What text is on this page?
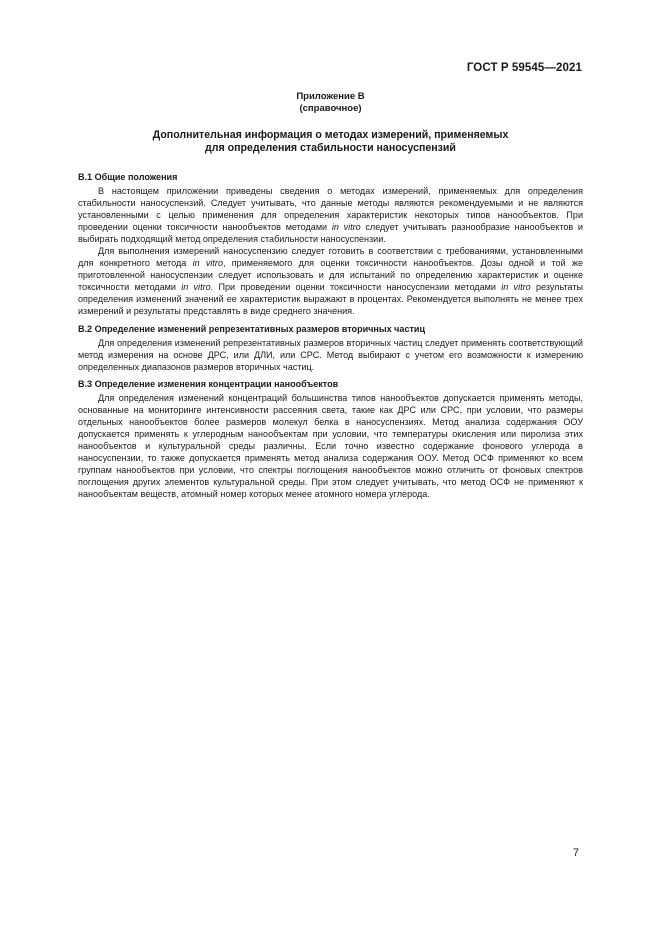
ГОСТ Р 59545—2021
Приложение В
(справочное)
Дополнительная информация о методах измерений, применяемых
для определения стабильности наносуспензий
В.1 Общие положения

В настоящем приложении приведены сведения о методах измерений, применяемых для определения стабильности наносуспензий. Следует учитывать, что данные методы являются рекомендуемыми и не являются установленными с целью применения для определения характеристик некоторых типов нанообъектов. При проведении оценки токсичности нанообъектов методами in vitro следует учитывать разнообразие нанообъектов и выбирать подходящий метод определения стабильности наносуспензии.

Для выполнения измерений наносуспензию следует готовить в соответствии с требованиями, установленными для конкретного метода in vitro, применяемого для оценки токсичности нанообъектов. Дозы одной и той же приготовленной наносуспензии следует использовать и для испытаний по определению характеристик и оценке токсичности методами in vitro. При проведении оценки токсичности наносуспензии методами in vitro результаты определения изменений значений ее характеристик выражают в процентах. Рекомендуется выполнять не менее трех измерений и результаты представлять в виде среднего значения.

В.2 Определение изменений репрезентативных размеров вторичных частиц

Для определения изменений репрезентативных размеров вторичных частиц следует применять соответствующий метод измерения на основе ДРС, или ДЛИ, или СРС. Метод выбирают с учетом его возможности к измерению определенных диапазонов размеров вторичных частиц.

В.3 Определение изменения концентрации нанообъектов

Для определения изменений концентраций большинства типов нанообъектов допускается применять методы, основанные на мониторинге интенсивности рассеяния света, такие как ДРС или СРС, при условии, что размеры отдельных нанообъектов более размеров молекул белка в наносуспензиях. Метод анализа содержания ООУ допускается применять к углеродным нанообъектам при условии, что температуры окисления или пиролиза этих нанообъектов и культуральной среды различны. Если точно известно содержание фонового углерода в наносуспензии, то также допускается применять метод анализа содержания ООУ. Метод ОСФ применяют ко всем группам нанообъектов при условии, что спектры поглощения нанообъектов можно отличить от фоновых спектров поглощения других элементов культуральной среды. При этом следует учитывать, что метод ОСФ не применяют к нанообъектам веществ, атомный номер которых менее атомного номера углерода.

7
